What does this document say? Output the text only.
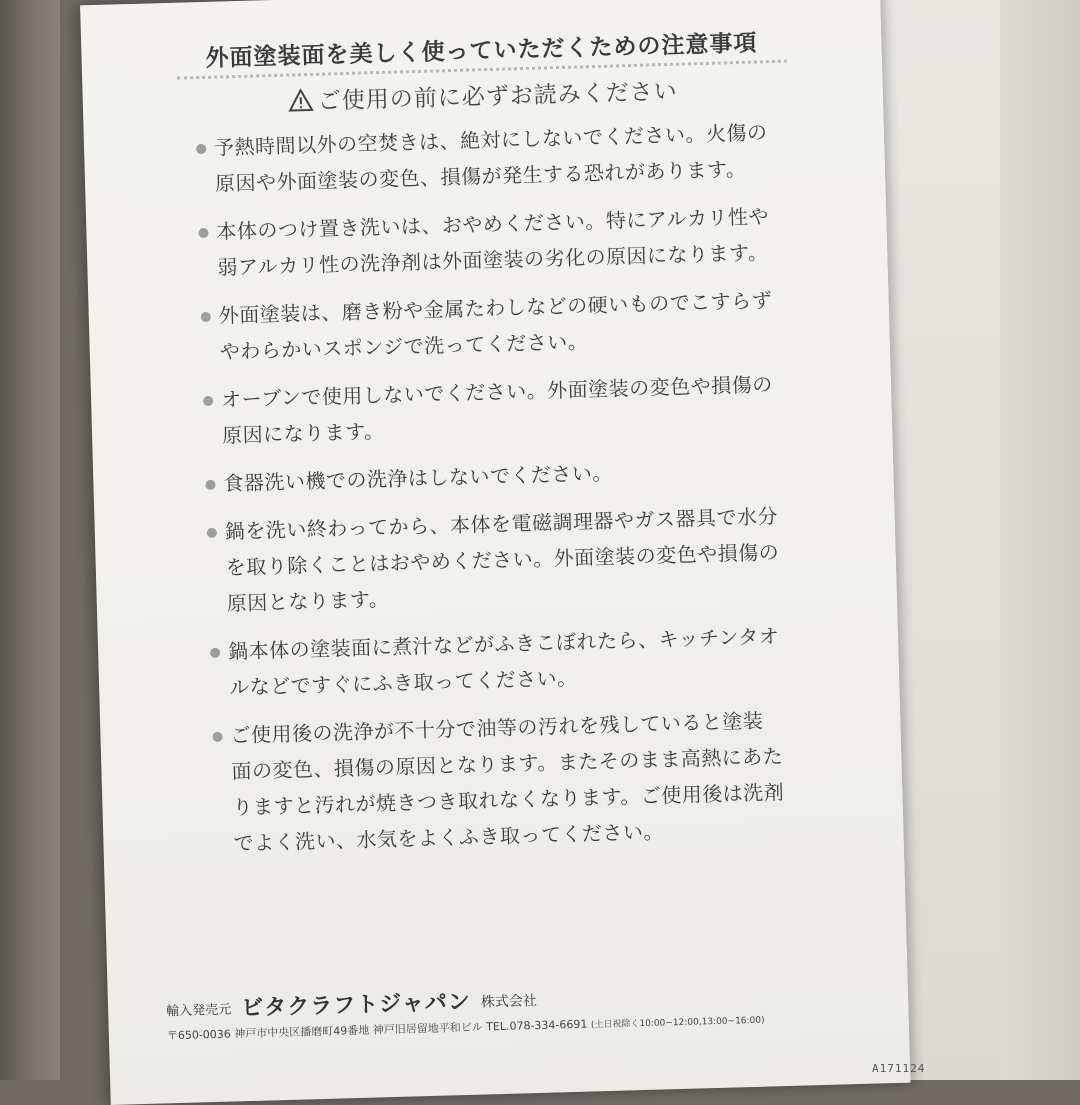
外面塗装面を美しく使っていただくための注意事項
ご使用の前に必ずお読みください
予熱時間以外の空焚きは、絶対にしないでください。火傷の
原因や外面塗装の変色、損傷が発生する恐れがあります。
本体のつけ置き洗いは、おやめください。特にアルカリ性や
弱アルカリ性の洗浄剤は外面塗装の劣化の原因になります。
外面塗装は、磨き粉や金属たわしなどの硬いものでこすらず
やわらかいスポンジで洗ってください。
オーブンで使用しないでください。外面塗装の変色や損傷の
原因になります。
食器洗い機での洗浄はしないでください。
鍋を洗い終わってから、本体を電磁調理器やガス器具で水分
を取り除くことはおやめください。外面塗装の変色や損傷の
原因となります。
鍋本体の塗装面に煮汁などがふきこぼれたら、キッチンタオ
ルなどですぐにふき取ってください。
ご使用後の洗浄が不十分で油等の汚れを残していると塗装
面の変色、損傷の原因となります。またそのまま高熱にあた
りますと汚れが焼きつき取れなくなります。ご使用後は洗剤
でよく洗い、水気をよくふき取ってください。
輸入発売元 ビタクラフトジャパン 株式会社
〒650-0036 神戸市中央区播磨町49番地 神戸旧居留地平和ビル TEL.078-334-6691 (土日祝除く10:00~12:00,13:00~16:00)
A171124
